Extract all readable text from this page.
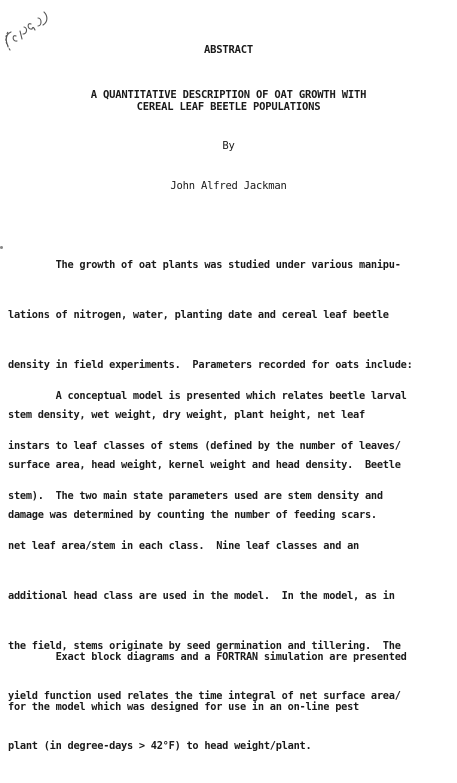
ABSTRACT
A QUANTITATIVE DESCRIPTION OF OAT GROWTH WITH
CEREAL LEAF BEETLE POPULATIONS
By
John Alfred Jackman

The growth of oat plants was studied under various manipu-

lations of nitrogen, water, planting date and cereal leaf beetle

density in field experiments.  Parameters recorded for oats include:

stem density, wet weight, dry weight, plant height, net leaf

surface area, head weight, kernel weight and head density.  Beetle

damage was determined by counting the number of feeding scars.

A conceptual model is presented which relates beetle larval

instars to leaf classes of stems (defined by the number of leaves/

stem).  The two main state parameters used are stem density and

net leaf area/stem in each class.  Nine leaf classes and an

additional head class are used in the model.  In the model, as in

the field, stems originate by seed germination and tillering.  The

yield function used relates the time integral of net surface area/

plant (in degree-days > 42°F) to head weight/plant.

Exact block diagrams and a FORTRAN simulation are presented

for the model which was designed for use in an on-line pest
